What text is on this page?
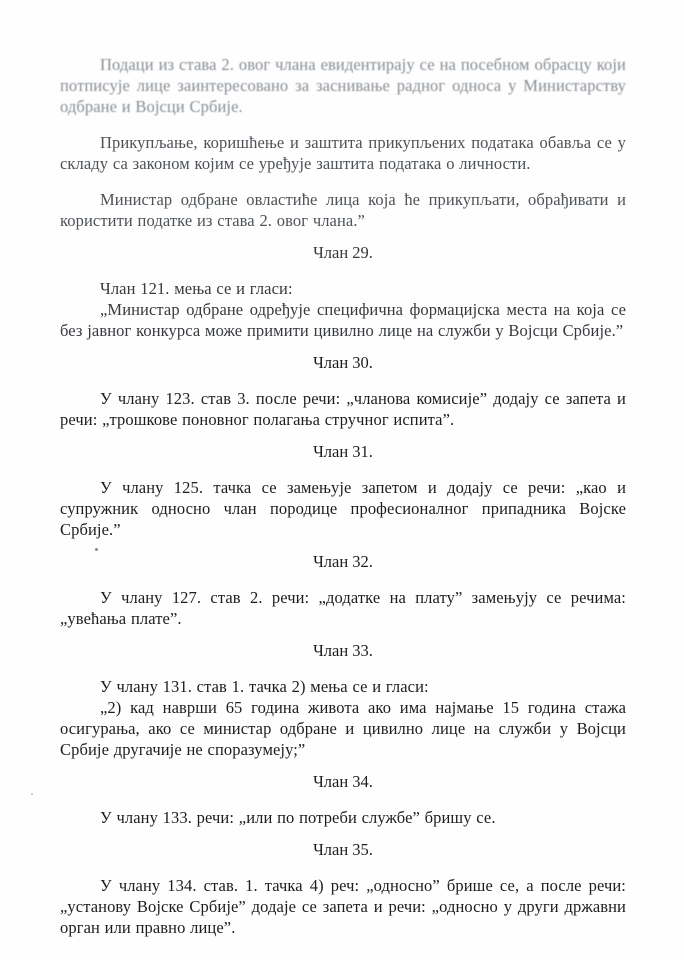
Подаци из става 2. овог члана евидентирају се на посебном обрасцу који потписује лице заинтересовано за заснивање радног односа у Министарству одбране и Војсци Србије.

Прикупљање, коришћење и заштита прикупљених података обавља се у складу са законом којим се уређује заштита података о личности.

Министар одбране овластиће лица која ће прикупљати, обрађивати и користити податке из става 2. овог члана.”

Члан 29.

Члан 121. мења се и гласи:

„Министар одбране одређује специфична формацијска места на која се без јавног конкурса може примити цивилно лице на служби у Војсци Србије.”

Члан 30.

У члану 123. став 3. после речи: „чланова комисије” додају се запета и речи: „трошкове поновног полагања стручног испита”.

Члан 31.

У члану 125. тачка се замењује запетом и додају се речи: „као и супружник односно члан породице професионалног припадника Војске Србије.”

Члан 32.

У члану 127. став 2. речи: „додатке на плату” замењују се речима: „увећања плате”.

Члан 33.

У члану 131. став 1. тачка 2) мења се и гласи:

„2) кад наврши 65 година живота ако има најмање 15 година стажа осигурања, ако се министар одбране и цивилно лице на служби у Војсци Србије другачије не споразумеју;”

Члан 34.

У члану 133. речи: „или по потреби службе” бришу се.

Члан 35.

У члану 134. став. 1. тачка 4) реч: „односно” брише се, а после речи: „установу Војске Србије” додаје се запета и речи: „односно у други државни орган или правно лице”.
